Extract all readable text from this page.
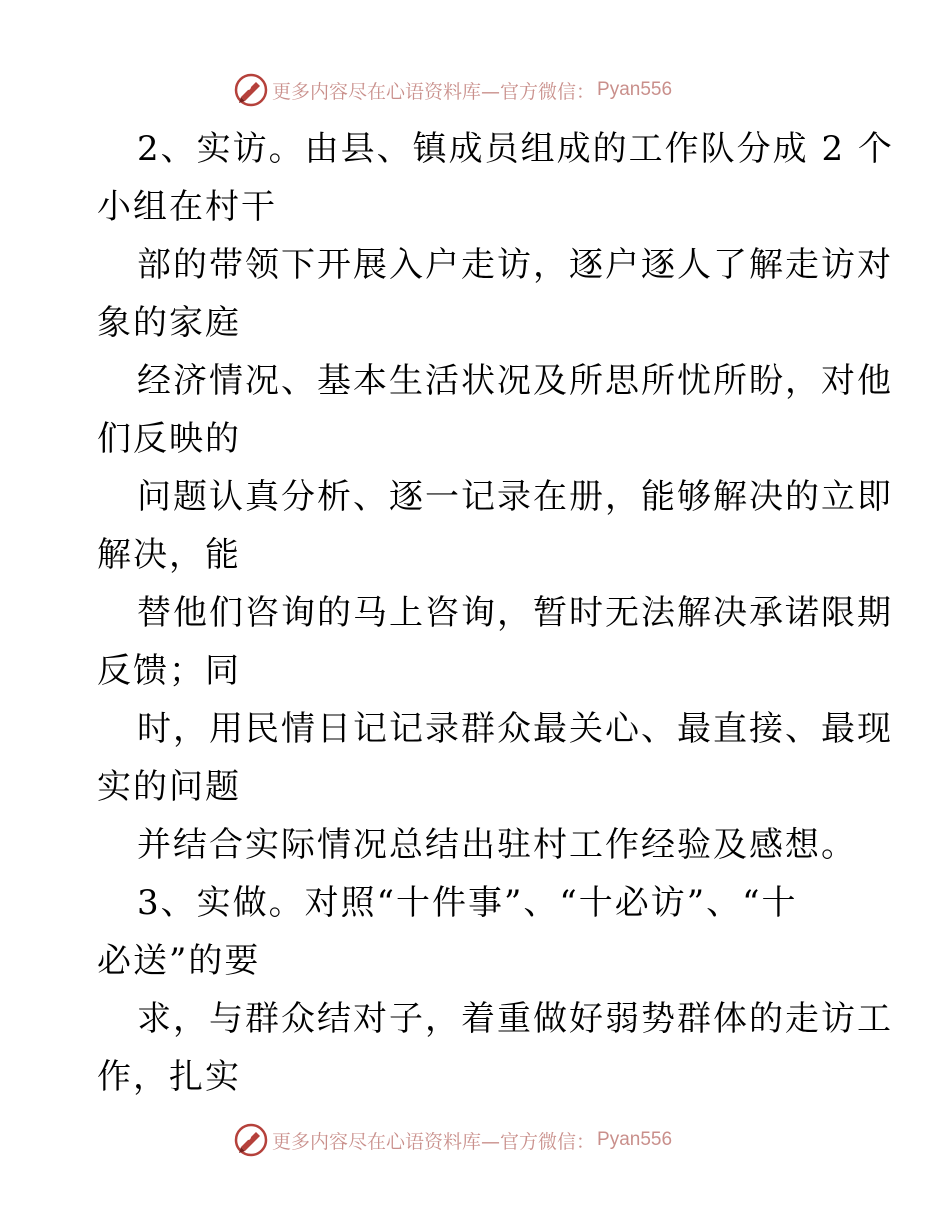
更多内容尽在心语资料库—官方微信： Pyan556
2、实访。由县、镇成员组成的工作队分成 2 个
小组在村干
部的带领下开展入户走访，逐户逐人了解走访对
象的家庭
经济情况、基本生活状况及所思所忧所盼，对他
们反映的
问题认真分析、逐一记录在册，能够解决的立即
解决，能
替他们咨询的马上咨询，暂时无法解决承诺限期
反馈；同
时，用民情日记记录群众最关心、最直接、最现
实的问题
并结合实际情况总结出驻村工作经验及感想。
3、实做。对照“十件事”、“十必访”、“十
必送”的要
求，与群众结对子，着重做好弱势群体的走访工
作，扎实
更多内容尽在心语资料库—官方微信： Pyan556
